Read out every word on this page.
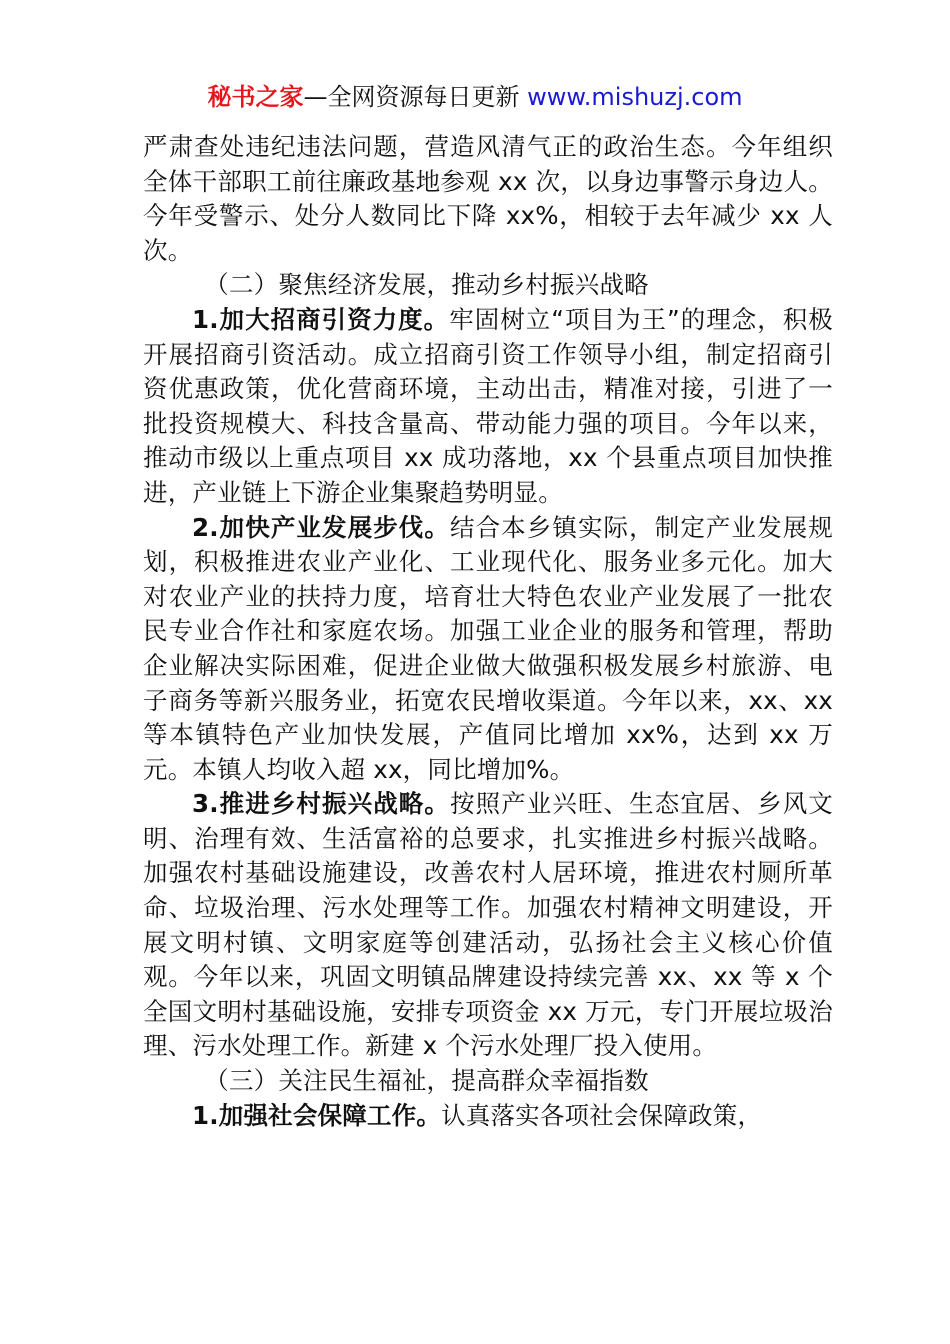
秘书之家—全网资源每日更新 www.mishuzj.com

严肃查处违纪违法问题，营造风清气正的政治生态。今年组织全体干部职工前往廉政基地参观 xx 次，以身边事警示身边人。今年受警示、处分人数同比下降 xx%，相较于去年减少 xx 人次。

（二）聚焦经济发展，推动乡村振兴战略

1.加大招商引资力度。牢固树立“项目为王”的理念，积极开展招商引资活动。成立招商引资工作领导小组，制定招商引资优惠政策，优化营商环境，主动出击，精准对接，引进了一批投资规模大、科技含量高、带动能力强的项目。今年以来，推动市级以上重点项目 xx 成功落地，xx 个县重点项目加快推进，产业链上下游企业集聚趋势明显。

2.加快产业发展步伐。结合本乡镇实际，制定产业发展规划，积极推进农业产业化、工业现代化、服务业多元化。加大对农业产业的扶持力度，培育壮大特色农业产业发展了一批农民专业合作社和家庭农场。加强工业企业的服务和管理，帮助企业解决实际困难，促进企业做大做强积极发展乡村旅游、电子商务等新兴服务业，拓宽农民增收渠道。今年以来，xx、xx 等本镇特色产业加快发展，产值同比增加 xx%，达到 xx 万元。本镇人均收入超 xx，同比增加%。

3.推进乡村振兴战略。按照产业兴旺、生态宜居、乡风文明、治理有效、生活富裕的总要求，扎实推进乡村振兴战略。加强农村基础设施建设，改善农村人居环境，推进农村厕所革命、垃圾治理、污水处理等工作。加强农村精神文明建设，开展文明村镇、文明家庭等创建活动，弘扬社会主义核心价值观。今年以来，巩固文明镇品牌建设持续完善 xx、xx 等 x 个全国文明村基础设施，安排专项资金 xx 万元，专门开展垃圾治理、污水处理工作。新建 x 个污水处理厂投入使用。

（三）关注民生福祉，提高群众幸福指数

1.加强社会保障工作。认真落实各项社会保障政策，
